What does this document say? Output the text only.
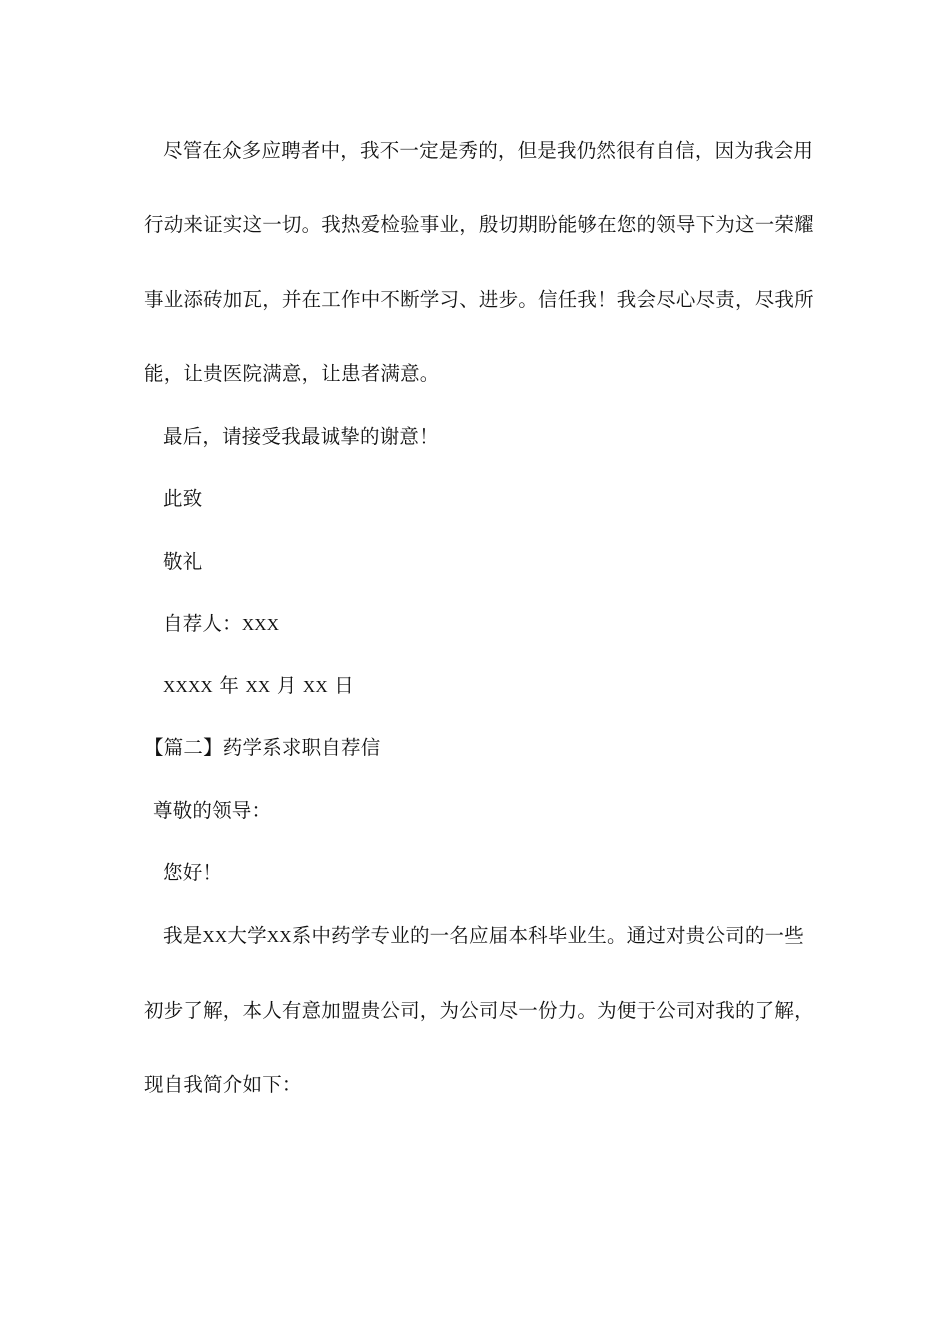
尽管在众多应聘者中，我不一定是秀的，但是我仍然很有自信，因为我会用
行动来证实这一切。我热爱检验事业，殷切期盼能够在您的领导下为这一荣耀
事业添砖加瓦，并在工作中不断学习、进步。信任我！我会尽心尽责，尽我所
能，让贵医院满意，让患者满意。
最后，请接受我最诚挚的谢意！
此致
敬礼
自荐人：XXX
XXXX 年 XX 月 XX 日
【篇二】药学系求职自荐信
尊敬的领导：
您好！
我是XX大学XX系中药学专业的一名应届本科毕业生。通过对贵公司的一些
初步了解，本人有意加盟贵公司，为公司尽一份力。为便于公司对我的了解，
现自我简介如下：
